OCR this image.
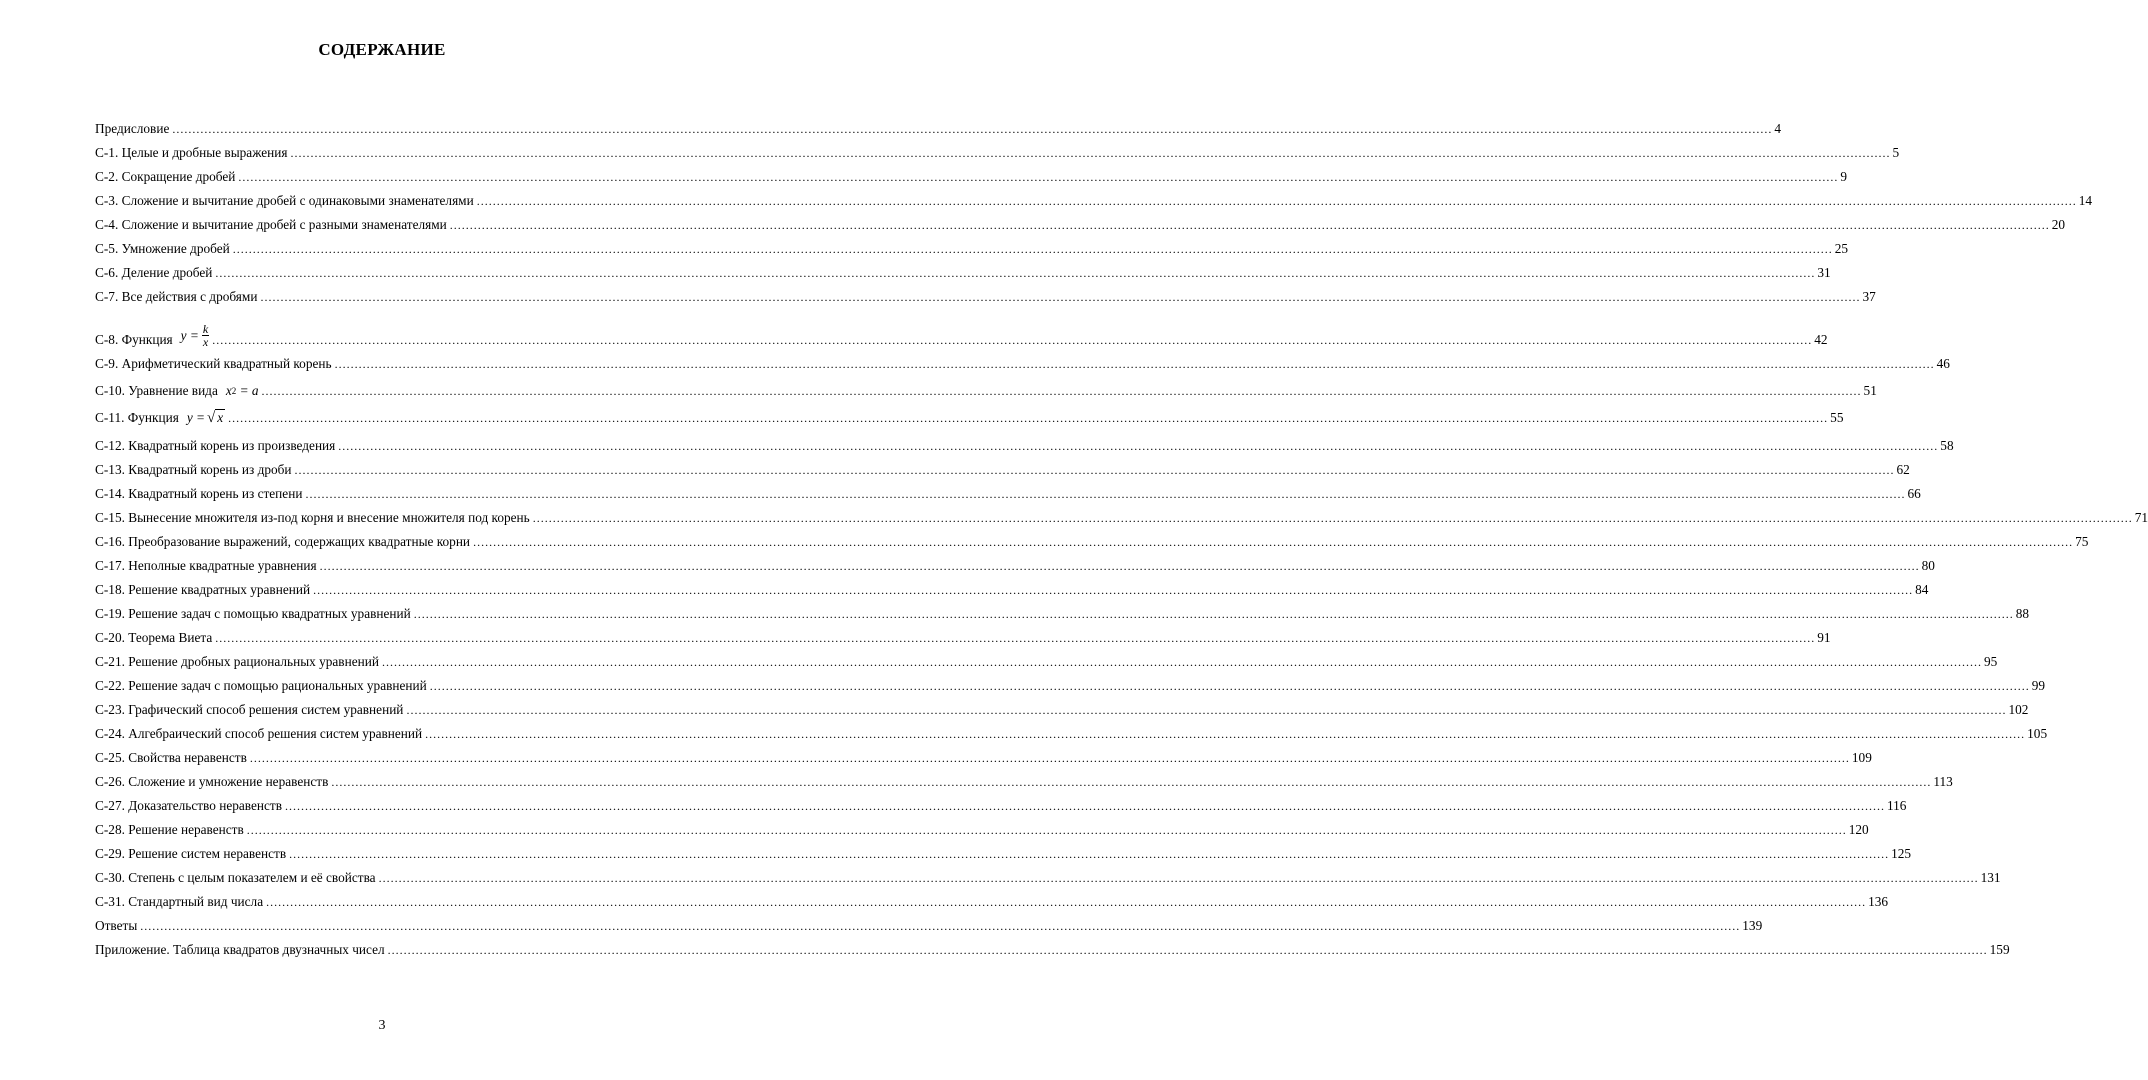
СОДЕРЖАНИЕ
Предисловие ................................................................................................................................................................................................................................................................................................................................................................................................................ 4
С-1. Целые и дробные выражения ................................................................................................................................................................................................................................................................................................................................................................................................................ 5
С-2. Сокращение дробей ................................................................................................................................................................................................................................................................................................................................................................................................................ 9
С-3. Сложение и вычитание дробей с одинаковыми знаменателями ................................................................................................................................................................................................................................................................................................................................................................................................................ 14
С-4. Сложение и вычитание дробей с разными знаменателями ................................................................................................................................................................................................................................................................................................................................................................................................................ 20
С-5. Умножение дробей ................................................................................................................................................................................................................................................................................................................................................................................................................ 25
С-6. Деление дробей ................................................................................................................................................................................................................................................................................................................................................................................................................ 31
С-7. Все действия с дробями ................................................................................................................................................................................................................................................................................................................................................................................................................ 37
С-8. Функция $y = \frac{k}{x}$ ................................................................................................................................................................................................................................................................................................................................................................................................................ 42
С-9. Арифметический квадратный корень ................................................................................................................................................................................................................................................................................................................................................................................................................ 46
С-10. Уравнение вида x 2 = a ................................................................................................................................................................................................................................................................................................................................................................................................................ 51
С-11. Функция y = √ x ................................................................................................................................................................................................................................................................................................................................................................................................................ 55
С-12. Квадратный корень из произведения ................................................................................................................................................................................................................................................................................................................................................................................................................ 58
С-13. Квадратный корень из дроби ................................................................................................................................................................................................................................................................................................................................................................................................................ 62
С-14. Квадратный корень из степени ................................................................................................................................................................................................................................................................................................................................................................................................................ 66
С-15. Вынесение множителя из-под корня и внесение множителя под корень ................................................................................................................................................................................................................................................................................................................................................................................................................ 71
С-16. Преобразование выражений, содержащих квадратные корни ................................................................................................................................................................................................................................................................................................................................................................................................................ 75
С-17. Неполные квадратные уравнения ................................................................................................................................................................................................................................................................................................................................................................................................................ 80
С-18. Решение квадратных уравнений ................................................................................................................................................................................................................................................................................................................................................................................................................ 84
С-19. Решение задач с помощью квадратных уравнений ................................................................................................................................................................................................................................................................................................................................................................................................................ 88
С-20. Теорема Виета ................................................................................................................................................................................................................................................................................................................................................................................................................ 91
С-21. Решение дробных рациональных уравнений ................................................................................................................................................................................................................................................................................................................................................................................................................ 95
С-22. Решение задач с помощью рациональных уравнений ................................................................................................................................................................................................................................................................................................................................................................................................................ 99
С-23. Графический способ решения систем уравнений ................................................................................................................................................................................................................................................................................................................................................................................................................ 102
С-24. Алгебраический способ решения систем уравнений ................................................................................................................................................................................................................................................................................................................................................................................................................ 105
С-25. Свойства неравенств ................................................................................................................................................................................................................................................................................................................................................................................................................ 109
С-26. Сложение и умножение неравенств ................................................................................................................................................................................................................................................................................................................................................................................................................ 113
С-27. Доказательство неравенств ................................................................................................................................................................................................................................................................................................................................................................................................................ 116
С-28. Решение неравенств ................................................................................................................................................................................................................................................................................................................................................................................................................ 120
С-29. Решение систем неравенств ................................................................................................................................................................................................................................................................................................................................................................................................................ 125
С-30. Степень с целым показателем и её свойства ................................................................................................................................................................................................................................................................................................................................................................................................................ 131
С-31. Стандартный вид числа ................................................................................................................................................................................................................................................................................................................................................................................................................ 136
Ответы ................................................................................................................................................................................................................................................................................................................................................................................................................ 139
Приложение. Таблица квадратов двузначных чисел ................................................................................................................................................................................................................................................................................................................................................................................................................ 159
3
